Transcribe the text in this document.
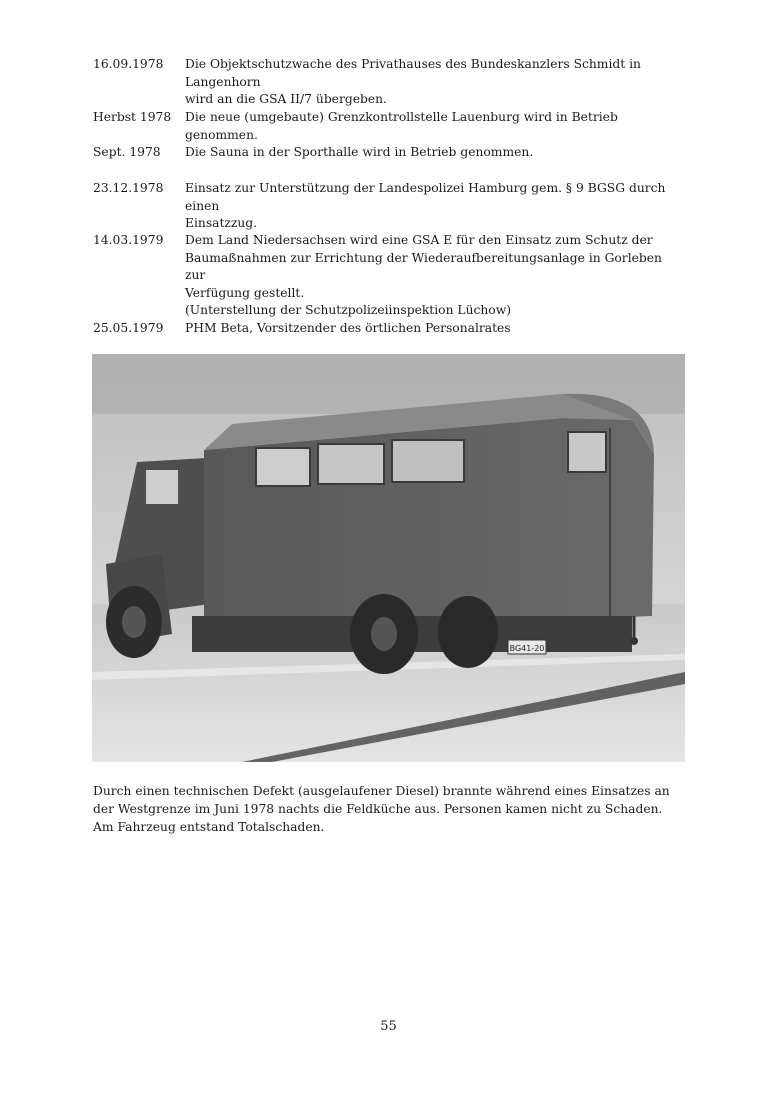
16.09.1978	Die Objektschutzwache des Privathauses des Bundeskanzlers Schmidt in Langenhorn
wird an die GSA II/7 übergeben.
Herbst 1978	Die neue (umgebaute) Grenzkontrollstelle Lauenburg wird in Betrieb genommen.
Sept. 1978	Die Sauna in der Sporthalle wird in Betrieb genommen.
23.12.1978	Einsatz zur Unterstützung der Landespolizei Hamburg gem. § 9 BGSG durch einen
Einsatzzug.
14.03.1979	Dem Land Niedersachsen wird eine GSA E für den Einsatz zum Schutz der
Baumaßnahmen zur Errichtung der Wiederaufbereitungsanlage in Gorleben zur
Verfügung gestellt.
(Unterstellung der Schutzpolizeiinspektion Lüchow)
25.05.1979	PHM Beta, Vorsitzender des örtlichen Personalrates
BG41-20
Durch einen technischen Defekt (ausgelaufener Diesel) brannte während eines Einsatzes an der Westgrenze im Juni 1978 nachts die Feldküche aus. Personen kamen nicht zu Schaden. Am Fahrzeug entstand Totalschaden.
55
